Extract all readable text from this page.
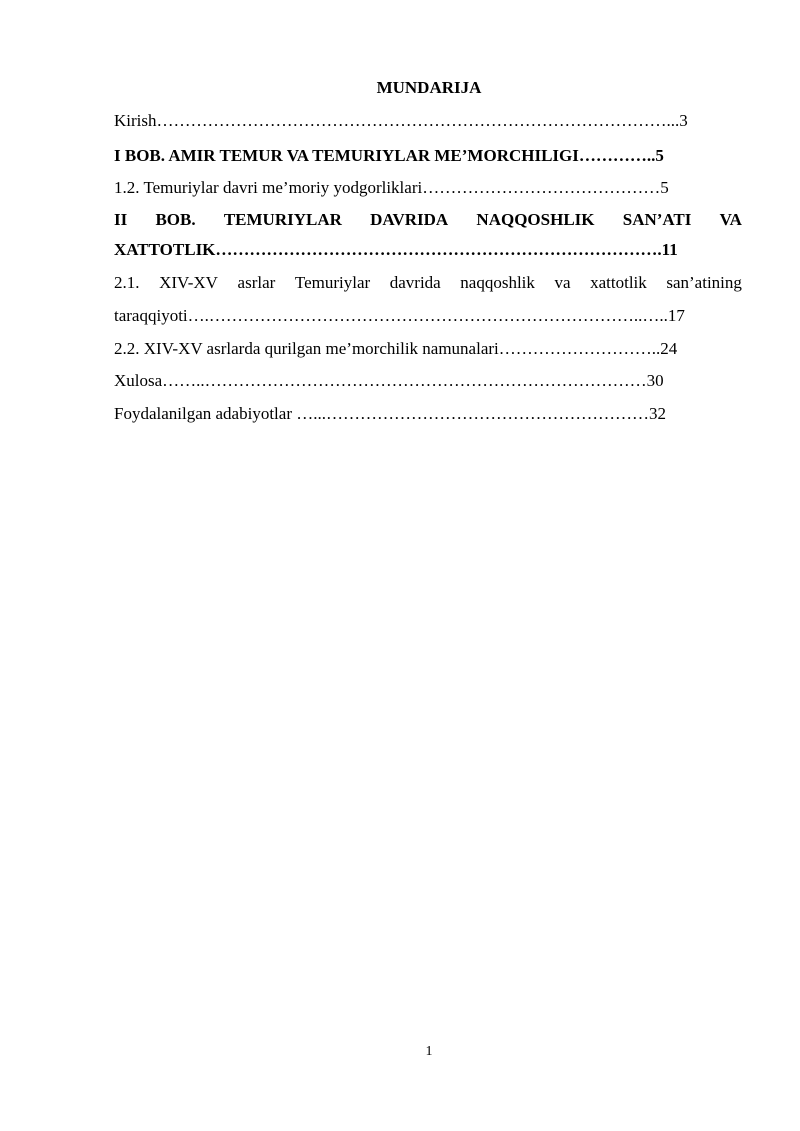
MUNDARIJA
Kirish………………………………………………………………………………...3
I BOB. AMIR TEMUR VA TEMURIYLAR ME’MORCHILIGI…………..5
1.2. Temuriylar davri me’moriy yodgorliklari……………………………………5
II BOB. TEMURIYLAR DAVRIDA NAQQOSHLIK SAN’ATI VA
XATTOTLIK…………………………………………………………………….11
2.1. XIV-XV asrlar Temuriylar davrida naqqoshlik va xattotlik san’atining
taraqqiyoti….…………………………………………………………………..…..17
2.2. XIV-XV asrlarda qurilgan me’morchilik namunalari………………………..24
Xulosa……..……………………………………………………………………30
Foydalanilgan adabiyotlar …...…………………………………………………32
1
